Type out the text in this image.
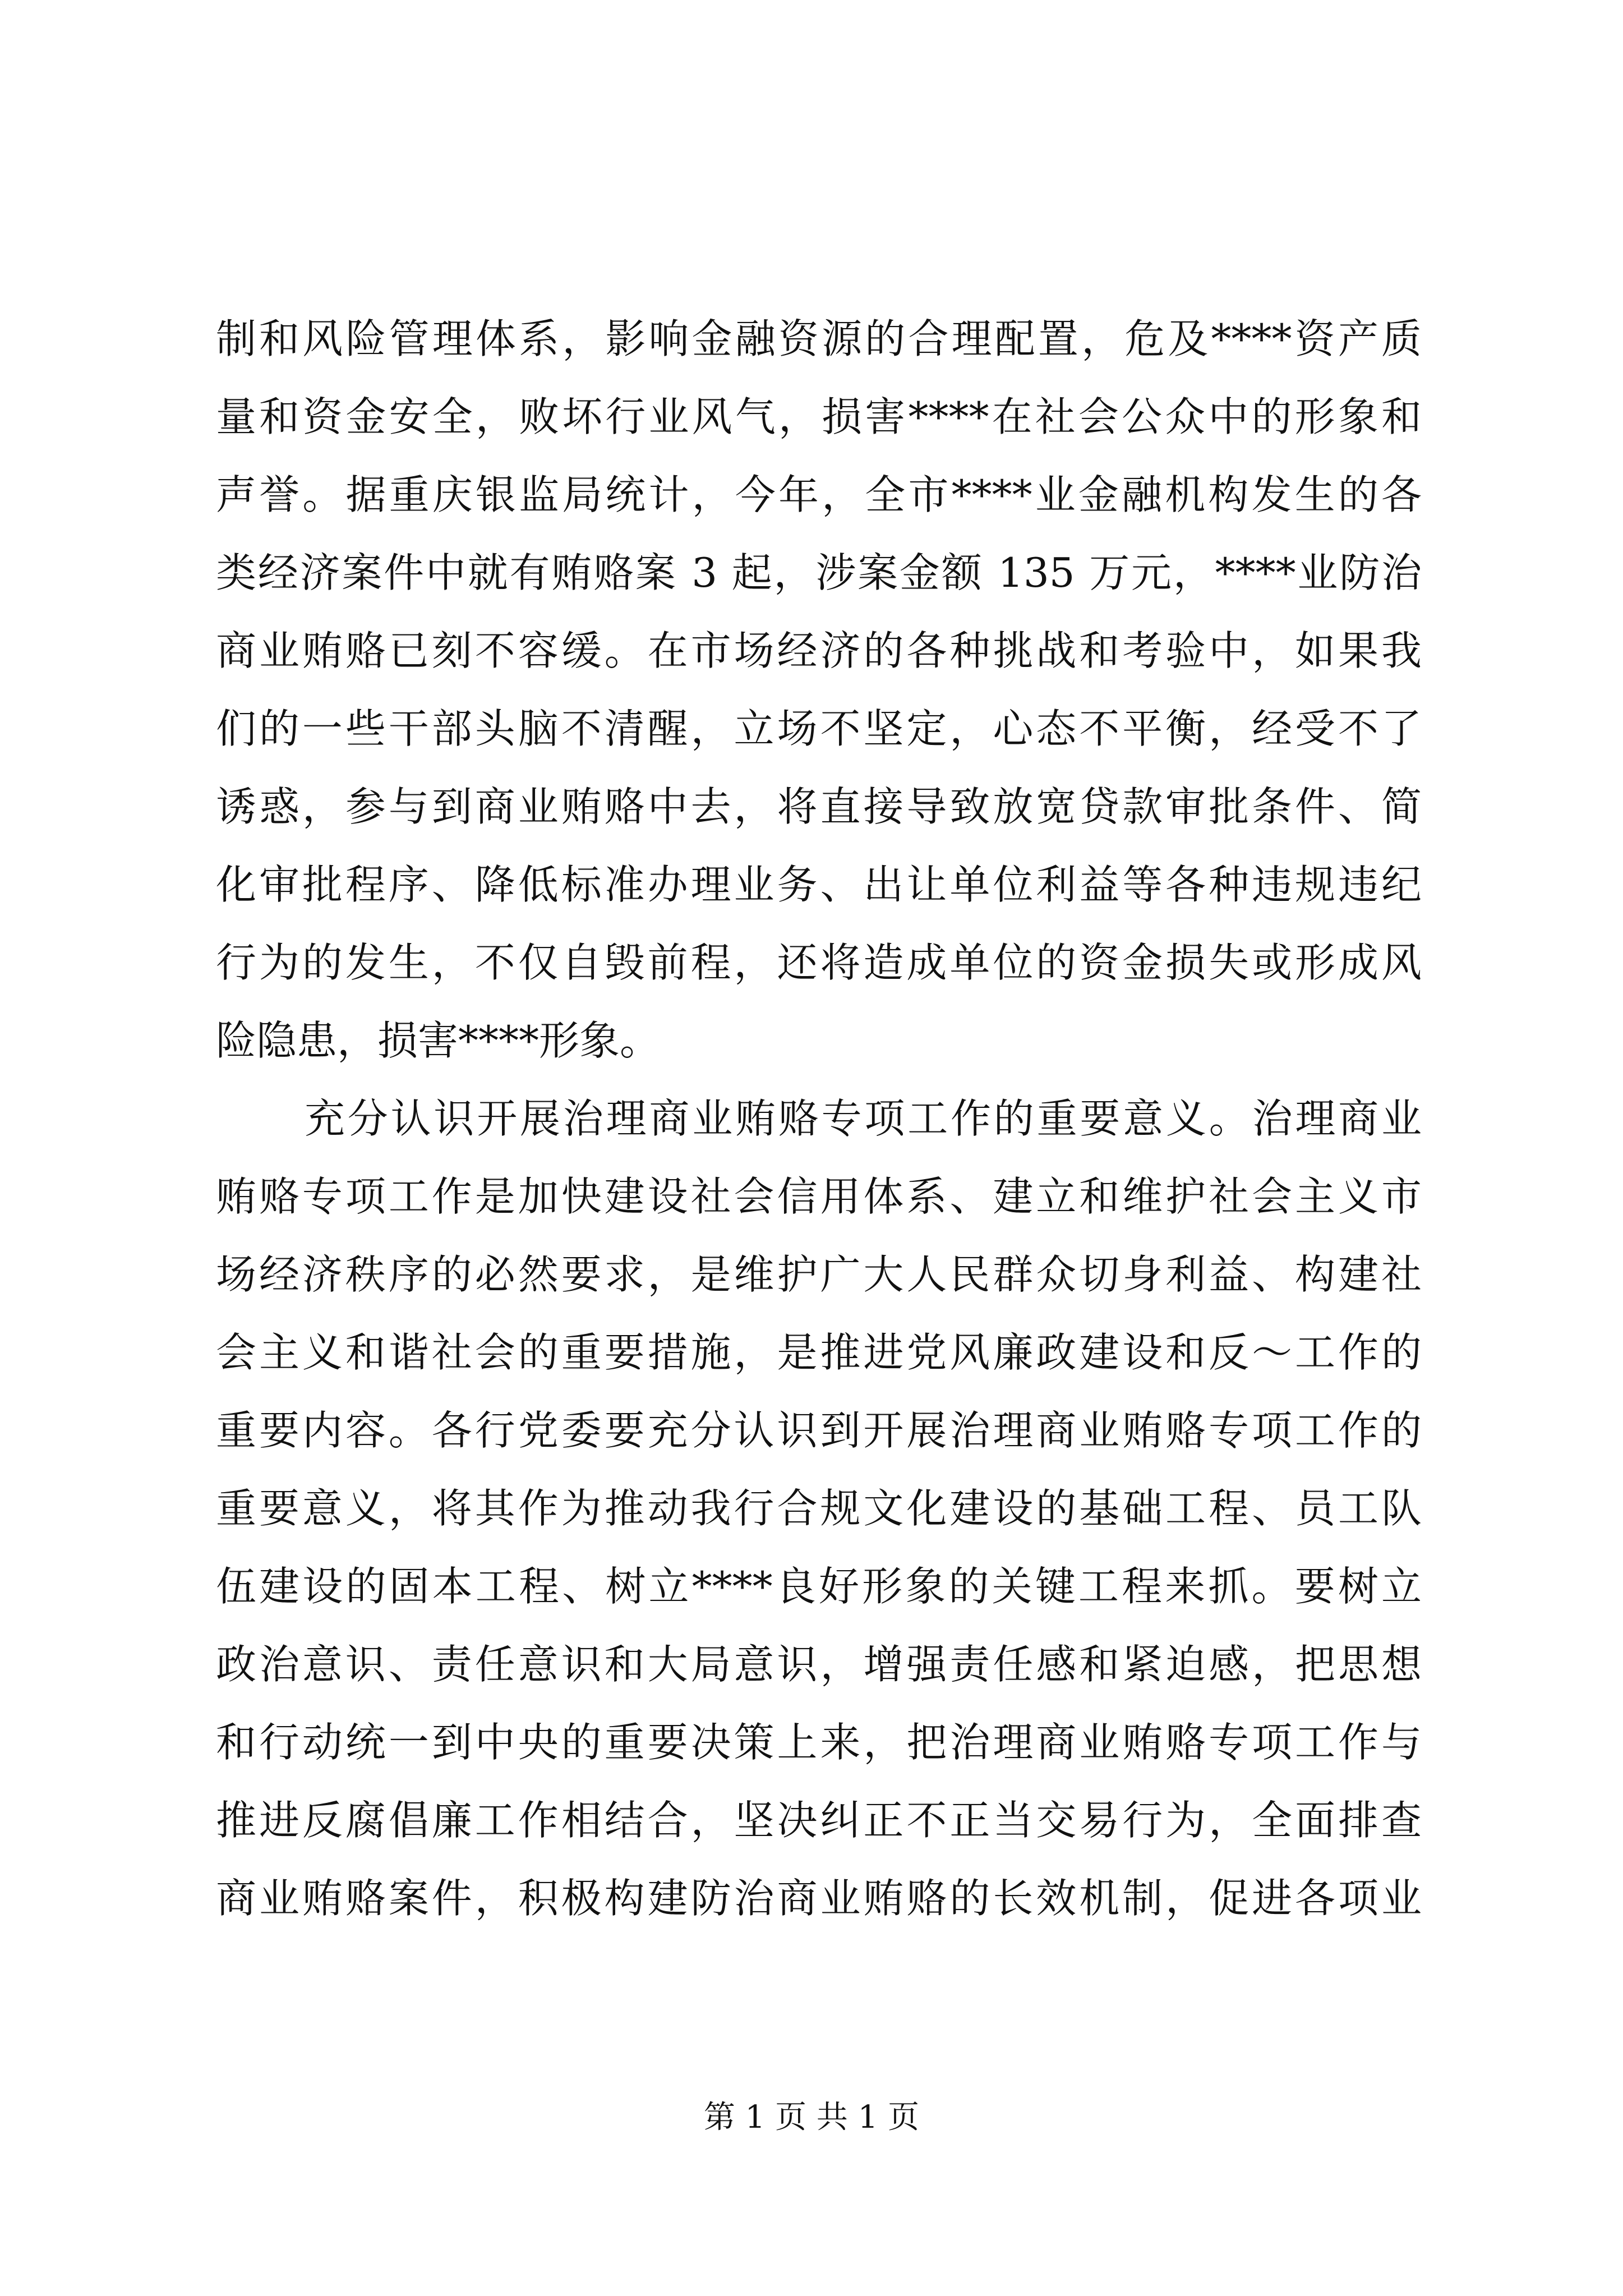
制和风险管理体系，影响金融资源的合理配置，危及****资产质
量和资金安全，败坏行业风气，损害****在社会公众中的形象和
声誉。据重庆银监局统计，今年，全市****业金融机构发生的各
类经济案件中就有贿赂案 3 起，涉案金额 135 万元，****业防治
商业贿赂已刻不容缓。在市场经济的各种挑战和考验中，如果我
们的一些干部头脑不清醒，立场不坚定，心态不平衡，经受不了
诱惑，参与到商业贿赂中去，将直接导致放宽贷款审批条件、简
化审批程序、降低标准办理业务、出让单位利益等各种违规违纪
行为的发生，不仅自毁前程，还将造成单位的资金损失或形成风
险隐患，损害****形象。
充分认识开展治理商业贿赂专项工作的重要意义。治理商业
贿赂专项工作是加快建设社会信用体系、建立和维护社会主义市
场经济秩序的必然要求，是维护广大人民群众切身利益、构建社
会主义和谐社会的重要措施，是推进党风廉政建设和反～工作的
重要内容。各行党委要充分认识到开展治理商业贿赂专项工作的
重要意义，将其作为推动我行合规文化建设的基础工程、员工队
伍建设的固本工程、树立****良好形象的关键工程来抓。要树立
政治意识、责任意识和大局意识，增强责任感和紧迫感，把思想
和行动统一到中央的重要决策上来，把治理商业贿赂专项工作与
推进反腐倡廉工作相结合，坚决纠正不正当交易行为，全面排查
商业贿赂案件，积极构建防治商业贿赂的长效机制，促进各项业
第 1 页 共 1 页
